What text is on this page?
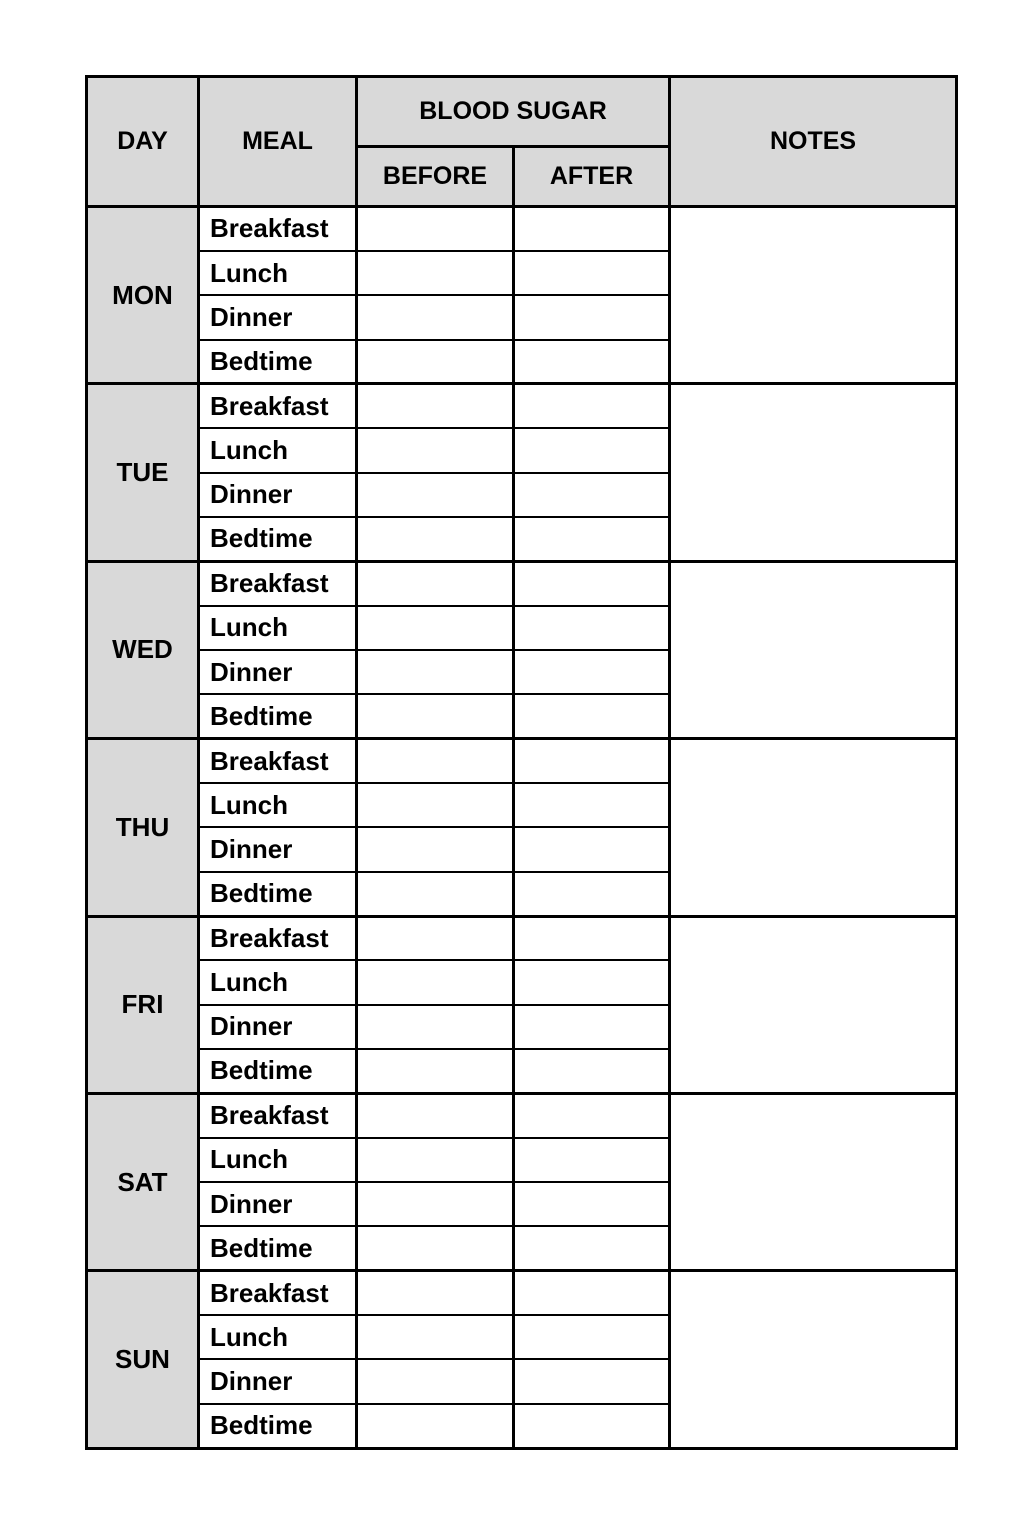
DAY	MEAL	BLOOD SUGAR		NOTES
		BEFORE	AFTER	
MON	Breakfast			
	Lunch			
	Dinner			
	Bedtime			
TUE	Breakfast			
	Lunch			
	Dinner			
	Bedtime			
WED	Breakfast			
	Lunch			
	Dinner			
	Bedtime			
THU	Breakfast			
	Lunch			
	Dinner			
	Bedtime			
FRI	Breakfast			
	Lunch			
	Dinner			
	Bedtime			
SAT	Breakfast			
	Lunch			
	Dinner			
	Bedtime			
SUN	Breakfast			
	Lunch			
	Dinner			
	Bedtime			
